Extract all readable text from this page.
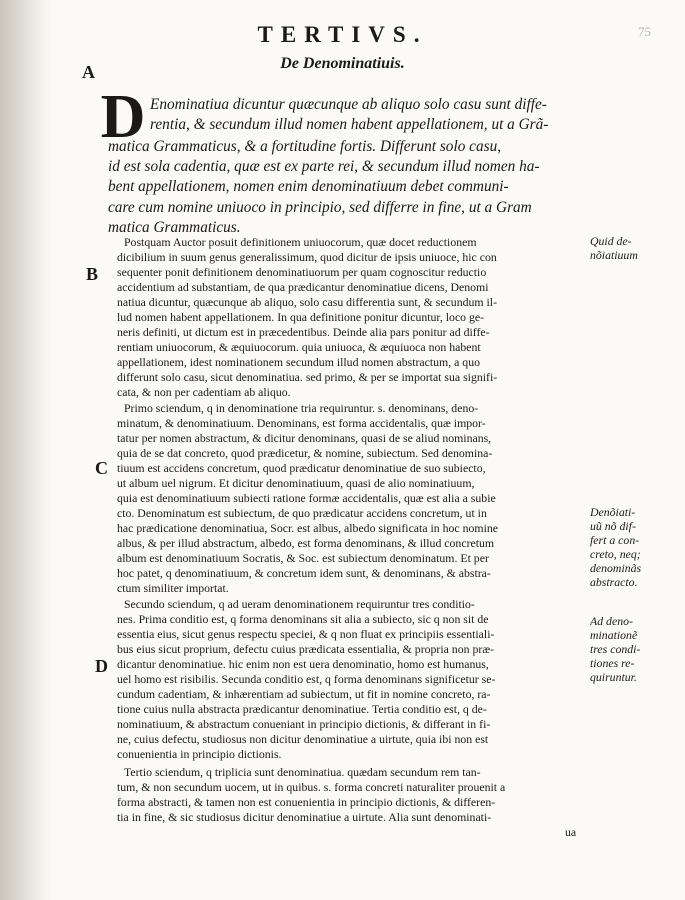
TERTIVS.	75
De Denominatiuis.
A
B
C
D
D Enominatiua dicuntur quæcunque ab aliquo solo casu sunt diffe-
rentia, & secundum illud nomen habent appellationem, ut a Grã-
matica Grammaticus, & a fortitudine fortis. Differunt solo casu,
id est sola cadentia, quæ est ex parte rei, & secundum illud nomen ha-
bent appellationem, nomen enim denominatiuum debet communi-
care cum nomine uniuoco in principio, sed differre in fine, ut a Gram
matica Grammaticus.
Postquam Auctor posuit definitionem uniuocorum, quæ docet reductionem
dicibilium in suum genus generalissimum, quod dicitur de ipsis uniuoce, hic con
sequenter ponit definitionem denominatiuorum per quam cognoscitur reductio
accidentium ad substantiam, de qua prædicantur denominatiue dicens, Denomi
natiua dicuntur, quæcunque ab aliquo, solo casu differentia sunt, & secundum il-
lud nomen habent appellationem. In qua definitione ponitur dicuntur, loco ge-
neris definiti, ut dictum est in præcedentibus. Deinde alia pars ponitur ad diffe-
rentiam uniuocorum, & æquiuocorum. quia uniuoca, & æquiuoca non habent
appellationem, idest nominationem secundum illud nomen abstractum, a quo
differunt solo casu, sicut denominatiua. sed primo, & per se importat sua signifi-
cata, & non per cadentiam ab aliquo.
Primo sciendum, q in denominatione tria requiruntur. s. denominans, deno-
minatum, & denominatiuum. Denominans, est forma accidentalis, quæ impor-
tatur per nomen abstractum, & dicitur denominans, quasi de se aliud nominans,
quia de se dat concreto, quod prædicetur, & nomine, subiectum. Sed denomina-
tiuum est accidens concretum, quod prædicatur denominatiue de suo subiecto,
ut album uel nigrum. Et dicitur denominatiuum, quasi de alio nominatiuum,
quia est denominatiuum subiecti ratione formæ accidentalis, quæ est alia a subie
cto. Denominatum est subiectum, de quo prædicatur accidens concretum, ut in
hac prædicatione denominatiua, Socr. est albus, albedo significata in hoc nomine
albus, & per illud abstractum, albedo, est forma denominans, & illud concretum
album est denominatiuum Socratis, & Soc. est subiectum denominatum. Et per
hoc patet, q denominatiuum, & concretum idem sunt, & denominans, & abstra-
ctum similiter importat.
Secundo sciendum, q ad ueram denominationem requiruntur tres conditio-
nes. Prima conditio est, q forma denominans sit alia a subiecto, sic q non sit de
essentia eius, sicut genus respectu speciei, & q non fluat ex principiis essentiali-
bus eius sicut proprium, defectu cuius prædicata essentialia, & propria non præ-
dicantur denominatiue. hic enim non est uera denominatio, homo est humanus,
uel homo est risibilis. Secunda conditio est, q forma denominans significetur se-
cundum cadentiam, & inhærentiam ad subiectum, ut fit in nomine concreto, ra-
tione cuius nulla abstracta prædicantur denominatiue. Tertia conditio est, q de-
nominatiuum, & abstractum conueniant in principio dictionis, & differant in fi-
ne, cuius defectu, studiosus non dicitur denominatiue a uirtute, quia ibi non est
conuenientia in principio dictionis.
Tertio sciendum, q triplicia sunt denominatiua. quædam secundum rem tan-
tum, & non secundum uocem, ut in quibus. s. forma concreti naturaliter prouenit a
forma abstracti, & tamen non est conuenientia in principio dictionis, & differen-
tia in fine, & sic studiosus dicitur denominatiue a uirtute. Alia sunt denominati-
ua
Quid de-
nõiatiuum
Denõiati-
uũ nõ dif-
fert a con-
creto, neq;
denominãs
abstracto.
Ad deno-
minationẽ
tres condi-
tiones re-
quiruntur.
